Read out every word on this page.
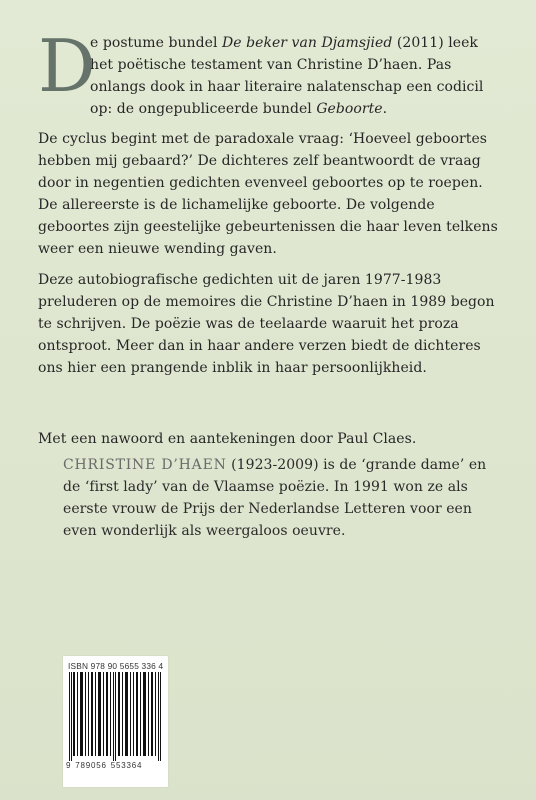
D

e postume bundel De beker van Djamsjied (2011) leek het poëtische testament van Christine D’haen. Pas onlangs dook in haar literaire nalatenschap een codicil op: de ongepubliceerde bundel Geboorte.

De cyclus begint met de paradoxale vraag: ‘Hoeveel geboortes hebben mij gebaard?’ De dichteres zelf beantwoordt de vraag door in negentien gedichten evenveel geboortes op te roepen. De allereerste is de lichamelijke geboorte. De volgende geboortes zijn geestelijke gebeurtenissen die haar leven telkens weer een nieuwe wending gaven.

Deze autobiografische gedichten uit de jaren 1977-1983 preluderen op de memoires die Christine D’haen in 1989 begon te schrijven. De poëzie was de teelaarde waaruit het proza ontsproot. Meer dan in haar andere verzen biedt de dichteres ons hier een prangende inblik in haar persoonlijkheid.

Met een nawoord en aantekeningen door Paul Claes.

CHRISTINE D’HAEN (1923-2009) is de ‘grande dame’ en de ‘first lady’ van de Vlaamse poëzie. In 1991 won ze als eerste vrouw de Prijs der Nederlandse Letteren voor een even wonderlijk als weergaloos oeuvre.

ISBN 978 90 5655 336 4
9 789056 553364
